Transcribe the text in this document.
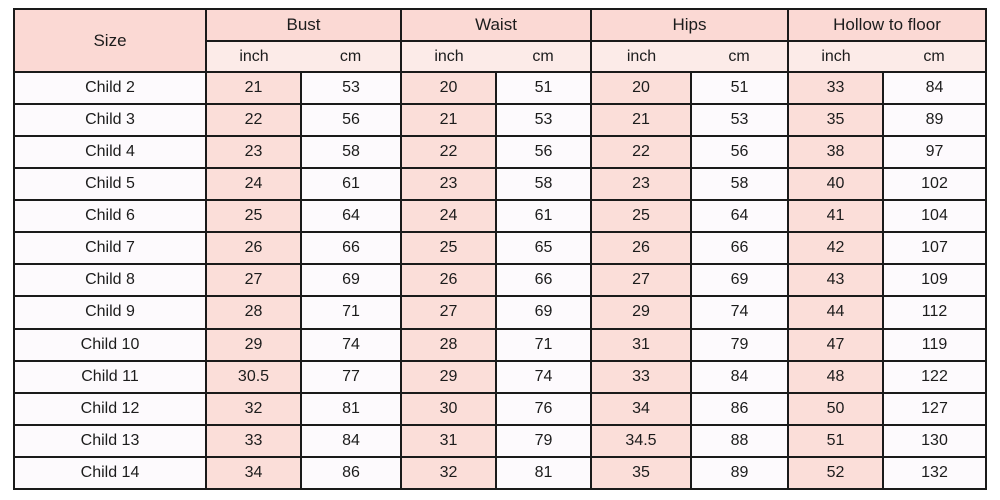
Size	Bust		Waist		Hips		Hollow to floor	
	inch	cm	inch	cm	inch	cm	inch	cm
Child 2	21	53	20	51	20	51	33	84
Child 3	22	56	21	53	21	53	35	89
Child 4	23	58	22	56	22	56	38	97
Child 5	24	61	23	58	23	58	40	102
Child 6	25	64	24	61	25	64	41	104
Child 7	26	66	25	65	26	66	42	107
Child 8	27	69	26	66	27	69	43	109
Child 9	28	71	27	69	29	74	44	112
Child 10	29	74	28	71	31	79	47	119
Child 11	30.5	77	29	74	33	84	48	122
Child 12	32	81	30	76	34	86	50	127
Child 13	33	84	31	79	34.5	88	51	130
Child 14	34	86	32	81	35	89	52	132
